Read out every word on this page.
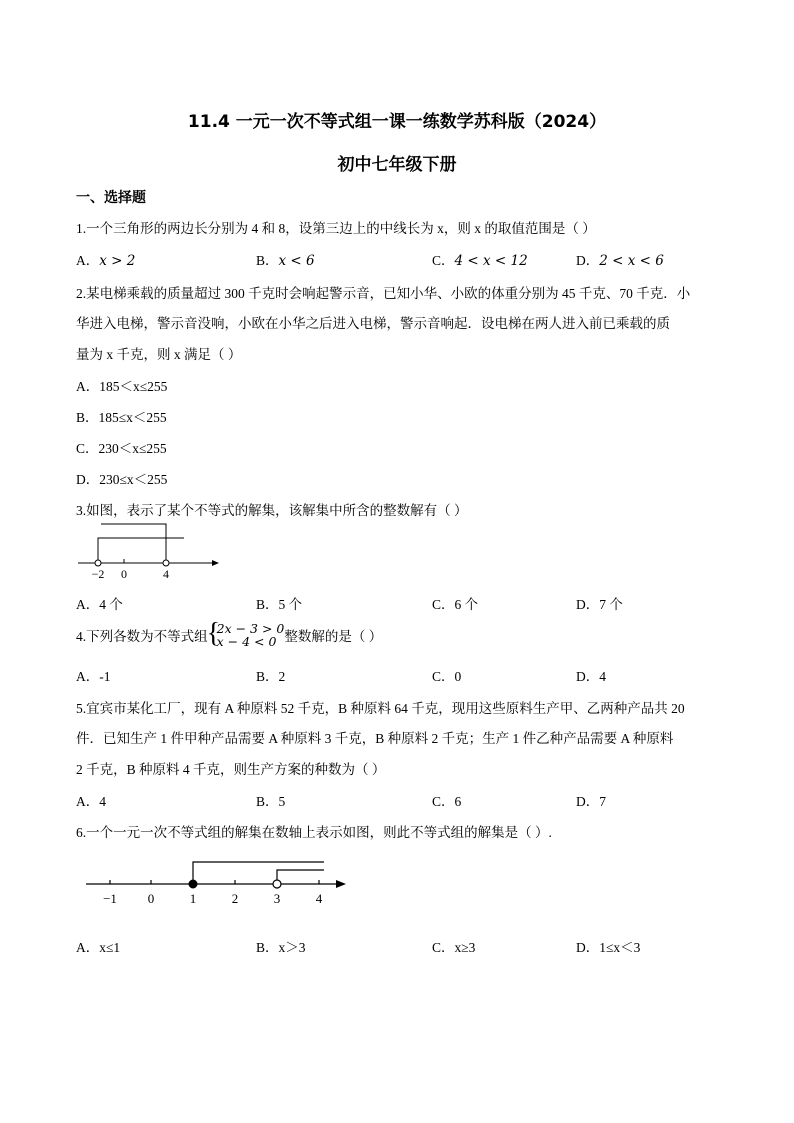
11.4 一元一次不等式组一课一练数学苏科版（2024）
初中七年级下册
一、选择题
1.一个三角形的两边长分别为 4 和 8，设第三边上的中线长为 x，则 x 的取值范围是（ ）
A．x > 2	B．x < 6	C．4 < x < 12	D．2 < x < 6
2.某电梯乘载的质量超过 300 千克时会响起警示音，已知小华、小欧的体重分别为 45 千克、70 千克．小
华进入电梯，警示音没响，小欧在小华之后进入电梯，警示音响起．设电梯在两人进入前已乘载的质
量为 x 千克，则 x 满足（ ）
A．185＜x≤255
B．185≤x＜255
C．230＜x≤255
D．230≤x＜255
3.如图，表示了某个不等式的解集，该解集中所含的整数解有（ ）
−2 0	4
A．4 个	B．5 个	C．6 个	D．7 个
4.下列各数为不等式组 {
2x − 3 > 0
x − 4 < 0 整数解的是（ ）
A．-1	B．2	C．0	D．4
5.宜宾市某化工厂，现有 A 种原料 52 千克，B 种原料 64 千克，现用这些原料生产甲、乙两种产品共 20
件．已知生产 1 件甲种产品需要 A 种原料 3 千克，B 种原料 2 千克；生产 1 件乙种产品需要 A 种原料
2 千克，B 种原料 4 千克，则生产方案的种数为（ ）
A．4	B．5	C．6	D．7
6.一个一元一次不等式组的解集在数轴上表示如图，则此不等式组的解集是（ ）.
−1 0	1	2	3	4
A．x≤1	B．x＞3	C．x≥3	D．1≤x＜3
